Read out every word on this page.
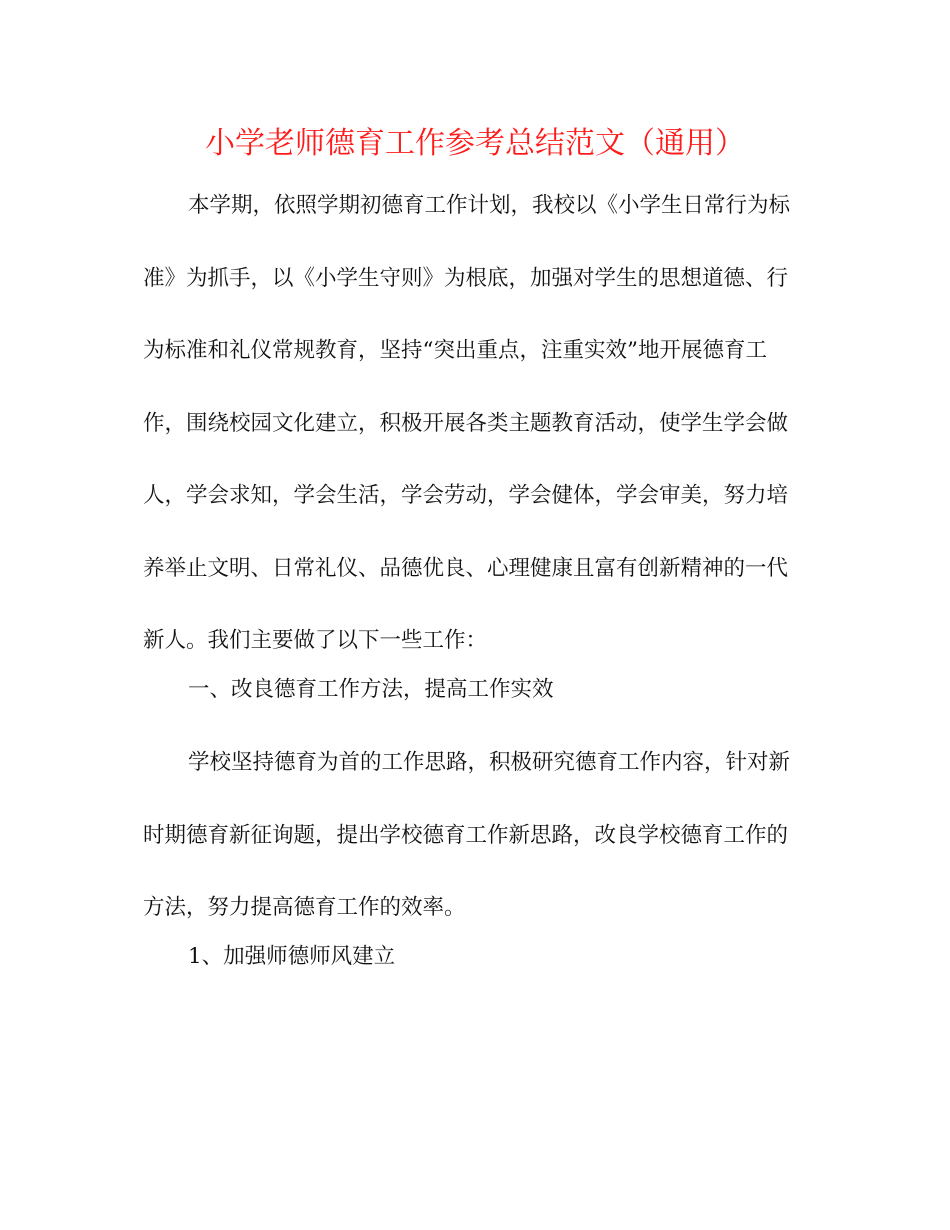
小学老师德育工作参考总结范文（通用）
本学期，依照学期初德育工作计划，我校以《小学生日常行为标准》为抓手，以《小学生守则》为根底，加强对学生的思想道德、行为标准和礼仪常规教育，坚持“突出重点，注重实效”地开展德育工作，围绕校园文化建立，积极开展各类主题教育活动，使学生学会做人，学会求知，学会生活，学会劳动，学会健体，学会审美，努力培养举止文明、日常礼仪、品德优良、心理健康且富有创新精神的一代新人。我们主要做了以下一些工作：
一、改良德育工作方法，提高工作实效
学校坚持德育为首的工作思路，积极研究德育工作内容，针对新时期德育新征询题，提出学校德育工作新思路，改良学校德育工作的方法，努力提高德育工作的效率。
1、加强师德师风建立
